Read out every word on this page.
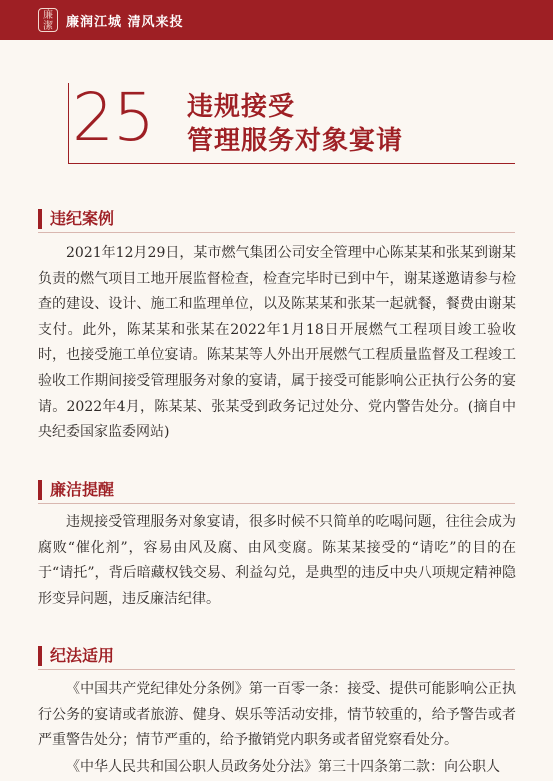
廉潔	廉润江城 清风来投
25 违规接受
管理服务对象宴请
违纪案例

2021年12月29日，某市燃气集团公司安全管理中心陈某某和张某到谢某负责的燃气项目工地开展监督检查，检查完毕时已到中午，谢某遂邀请参与检查的建设、设计、施工和监理单位，以及陈某某和张某一起就餐，餐费由谢某支付。此外，陈某某和张某在2022年1月18日开展燃气工程项目竣工验收时，也接受施工单位宴请。陈某某等人外出开展燃气工程质量监督及工程竣工验收工作期间接受管理服务对象的宴请，属于接受可能影响公正执行公务的宴请。2022年4月，陈某某、张某受到政务记过处分、党内警告处分。(摘自中央纪委国家监委网站)

廉洁提醒

违规接受管理服务对象宴请，很多时候不只简单的吃喝问题，往往会成为腐败“催化剂”，容易由风及腐、由风变腐。陈某某接受的“请吃”的目的在于“请托”，背后暗藏权钱交易、利益勾兑，是典型的违反中央八项规定精神隐形变异问题，违反廉洁纪律。

纪法适用

《中国共产党纪律处分条例》第一百零一条：接受、提供可能影响公正执行公务的宴请或者旅游、健身、娱乐等活动安排，情节较重的，给予警告或者严重警告处分；情节严重的，给予撤销党内职务或者留党察看处分。

《中华人民共和国公职人员政务处分法》第三十四条第二款：向公职人
